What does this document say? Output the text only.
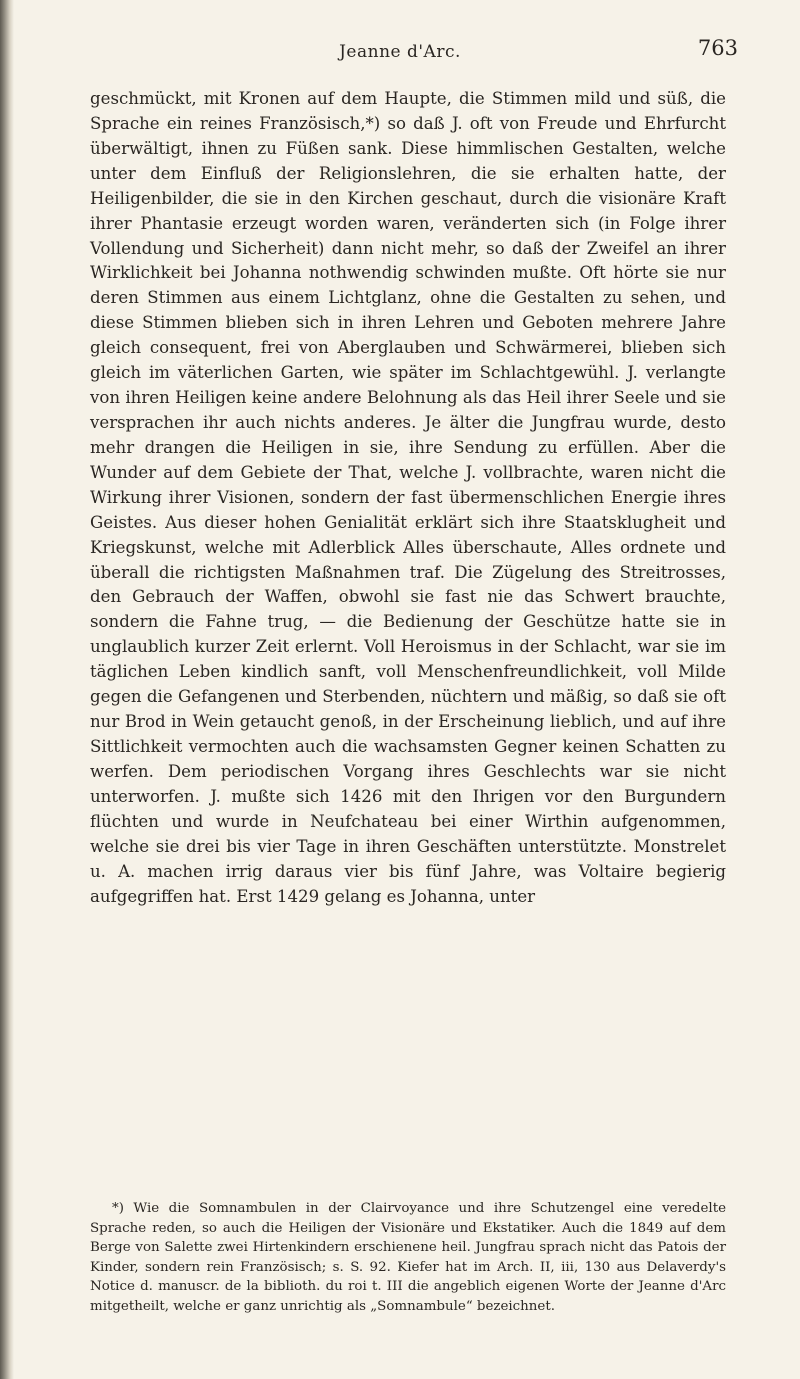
Jeanne d'Arc.	763

geschmückt, mit Kronen auf dem Haupte, die Stimmen mild und süß, die Sprache ein reines Französisch,*) so daß J. oft von Freude und Ehrfurcht überwältigt, ihnen zu Füßen sank. Diese himmlischen Gestalten, welche unter dem Einfluß der Religionslehren, die sie erhalten hatte, der Heiligenbilder, die sie in den Kirchen geschaut, durch die visionäre Kraft ihrer Phantasie erzeugt worden waren, veränderten sich (in Folge ihrer Vollendung und Sicherheit) dann nicht mehr, so daß der Zweifel an ihrer Wirklichkeit bei Johanna nothwendig schwinden mußte. Oft hörte sie nur deren Stimmen aus einem Lichtglanz, ohne die Gestalten zu sehen, und diese Stimmen blieben sich in ihren Lehren und Geboten mehrere Jahre gleich consequent, frei von Aberglauben und Schwärmerei, blieben sich gleich im väterlichen Garten, wie später im Schlachtgewühl. J. verlangte von ihren Heiligen keine andere Belohnung als das Heil ihrer Seele und sie versprachen ihr auch nichts anderes. Je älter die Jungfrau wurde, desto mehr drangen die Heiligen in sie, ihre Sendung zu erfüllen. Aber die Wunder auf dem Gebiete der That, welche J. vollbrachte, waren nicht die Wirkung ihrer Visionen, sondern der fast übermenschlichen Energie ihres Geistes. Aus dieser hohen Genialität erklärt sich ihre Staatsklugheit und Kriegskunst, welche mit Adlerblick Alles überschaute, Alles ordnete und überall die richtigsten Maßnahmen traf. Die Zügelung des Streitrosses, den Gebrauch der Waffen, obwohl sie fast nie das Schwert brauchte, sondern die Fahne trug, — die Bedienung der Geschütze hatte sie in unglaublich kurzer Zeit erlernt. Voll Heroismus in der Schlacht, war sie im täglichen Leben kindlich sanft, voll Menschenfreundlichkeit, voll Milde gegen die Gefangenen und Sterbenden, nüchtern und mäßig, so daß sie oft nur Brod in Wein getaucht genoß, in der Erscheinung lieblich, und auf ihre Sittlichkeit vermochten auch die wachsamsten Gegner keinen Schatten zu werfen. Dem periodischen Vorgang ihres Geschlechts war sie nicht unterworfen. J. mußte sich 1426 mit den Ihrigen vor den Burgundern flüchten und wurde in Neufchateau bei einer Wirthin aufgenommen, welche sie drei bis vier Tage in ihren Geschäften unterstützte. Monstrelet u. A. machen irrig daraus vier bis fünf Jahre, was Voltaire begierig aufgegriffen hat. Erst 1429 gelang es Johanna, unter

*) Wie die Somnambulen in der Clairvoyance und ihre Schutzengel eine veredelte Sprache reden, so auch die Heiligen der Visionäre und Ekstatiker. Auch die 1849 auf dem Berge von Salette zwei Hirtenkindern erschienene heil. Jungfrau sprach nicht das Patois der Kinder, sondern rein Französisch; s. S. 92. Kiefer hat im Arch. II, iii, 130 aus Delaverdy's Notice d. manuscr. de la biblioth. du roi t. III die angeblich eigenen Worte der Jeanne d'Arc mitgetheilt, welche er ganz unrichtig als „Somnambule“ bezeichnet.
